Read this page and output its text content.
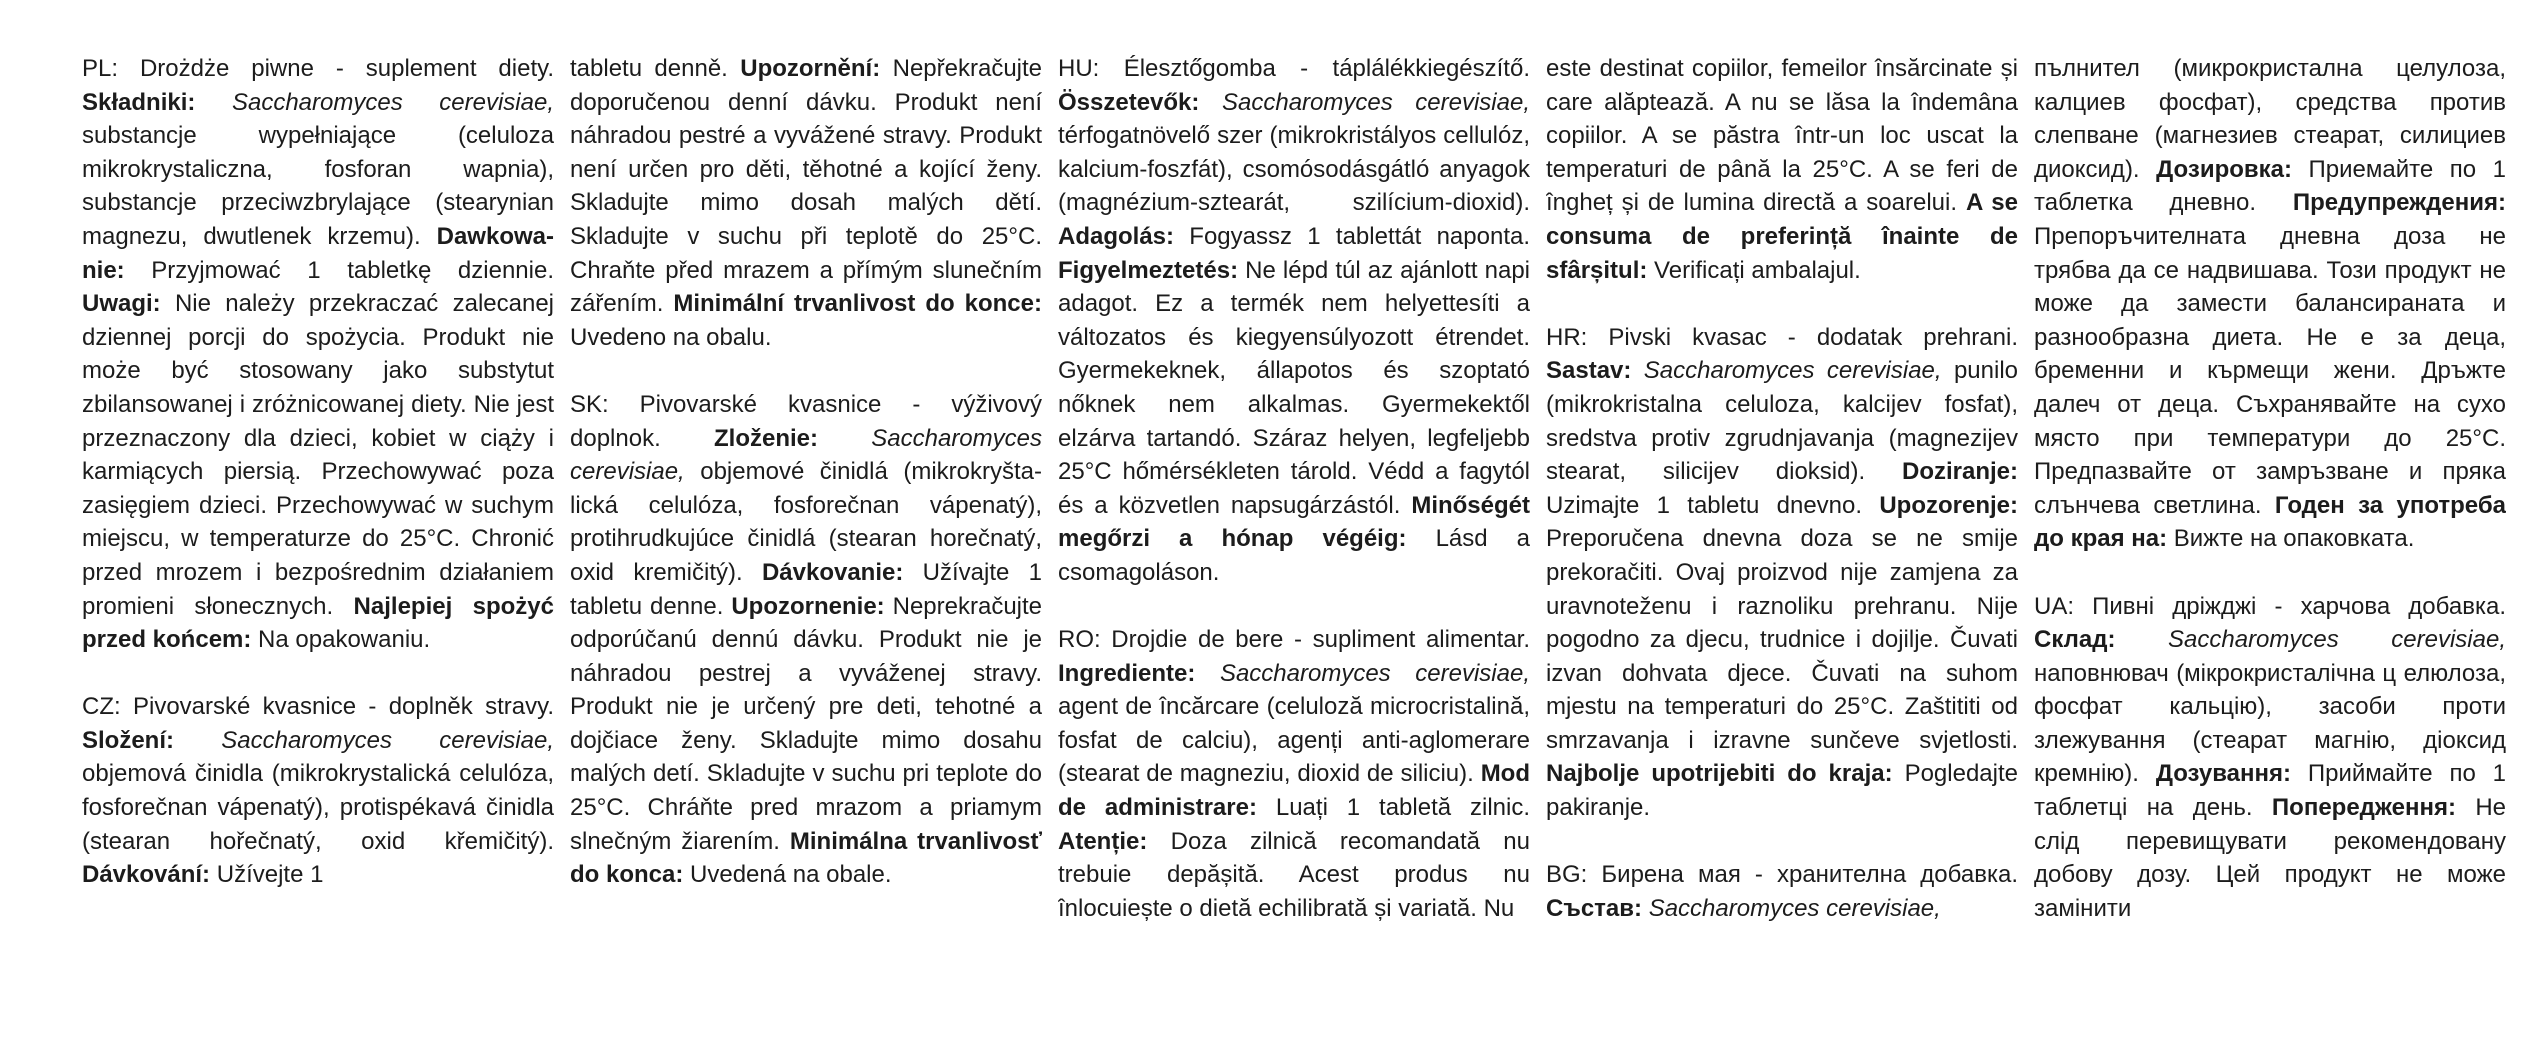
PL: Drożdże piwne - suplement diety. Składniki: Saccharomyces cerevisiae, substancje wypełniające (celuloza mikrokrystaliczna, fosforan wapnia), substancje przeciwzbrylające (stearynian magnezu, dwutlenek krzemu). Dawkowanie: Przyjmować 1 tabletkę dziennie. Uwagi: Nie należy przekraczać zalecanej dziennej porcji do spożycia. Produkt nie może być stosowany jako substytut zbilansowanej i zróżnicowanej diety. Nie jest przeznaczony dla dzieci, kobiet w ciąży i karmiących piersią. Przechowywać poza zasięgiem dzieci. Przechowywać w suchym miejscu, w temperaturze do 25°C. Chronić przed mrozem i bezpośrednim działaniem promieni słonecznych. Najlepiej spożyć przed końcem: Na opakowaniu.

CZ: Pivovarské kvasnice - doplněk stravy. Složení: Saccharomyces cerevisiae, objemová činidla (mikrokrystalická celulóza, fosforečnan vápenatý), protispékavá činidla (stearan hořečnatý, oxid křemičitý). Dávkování: Užívejte 1

tabletu denně. Upozornění: Nepřekračujte doporučenou denní dávku. Produkt není náhradou pestré a vyvážené stravy. Produkt není určen pro děti, těhotné a kojící ženy. Skladujte mimo dosah malých dětí. Skladujte v suchu při teplotě do 25°C. Chraňte před mrazem a přímým slunečním zářením. Minimální trvanlivost do konce: Uvedeno na obalu.

SK: Pivovarské kvasnice - výživový doplnok. Zloženie: Saccharomyces cerevisiae, objemové činidlá (mikrokryštalická celulóza, fosforečnan vápenatý), protihrudkujúce činidlá (stearan horečnatý, oxid kremičitý). Dávkovanie: Užívajte 1 tabletu denne. Upozornenie: Neprekračujte odporúčanú dennú dávku. Produkt nie je náhradou pestrej a vyváženej stravy. Produkt nie je určený pre deti, tehotné a dojčiace ženy. Skladujte mimo dosahu malých detí. Skladujte v suchu pri teplote do 25°C. Chráňte pred mrazom a priamym slnečným žiarením. Minimálna trvanlivosť do konca: Uvedená na obale.

HU: Élesztőgomba - táplálékkiegészítő. Összetevők: Saccharomyces cerevisiae, térfogatnövelő szer (mikrokristályos cellulóz, kalcium-foszfát), csomósodásgátló anyagok (magnézium-sztearát, szilícium-dioxid). Adagolás: Fogyassz 1 tablettát naponta. Figyelmeztetés: Ne lépd túl az ajánlott napi adagot. Ez a termék nem helyettesíti a változatos és kiegyensúlyozott étrendet. Gyermekeknek, állapotos és szoptató nőknek nem alkalmas. Gyermekektől elzárva tartandó. Száraz helyen, legfeljebb 25°C hőmérsékleten tárold. Védd a fagytól és a közvetlen napsugárzástól. Minőségét megőrzi a hónap végéig: Lásd a csomagoláson.

RO: Drojdie de bere - supliment alimentar. Ingrediente: Saccharomyces cerevisiae, agent de încărcare (celuloză microcristalină, fosfat de calciu), agenți anti-aglomerare (stearat de magneziu, dioxid de siliciu). Mod de administrare: Luați 1 tabletă zilnic. Atenție: Doza zilnică recomandată nu trebuie depășită. Acest produs nu înlocuiește o dietă echilibrată și variată. Nu

este destinat copiilor, femeilor însărcinate și care alăptează. A nu se lăsa la îndemâna copiilor. A se păstra într-un loc uscat la temperaturi de până la 25°C. A se feri de îngheț și de lumina directă a soarelui. A se consuma de preferință înainte de sfârșitul: Verificați ambalajul.

HR: Pivski kvasac - dodatak prehrani. Sastav: Saccharomyces cerevisiae, punilo (mikrokristalna celuloza, kalcijev fosfat), sredstva protiv zgrudnjavanja (magnezijev stearat, silicijev dioksid). Doziranje: Uzimajte 1 tabletu dnevno. Upozorenje: Preporučena dnevna doza se ne smije prekoračiti. Ovaj proizvod nije zamjena za uravnoteženu i raznoliku prehranu. Nije pogodno za djecu, trudnice i dojilje. Čuvati izvan dohvata djece. Čuvati na suhom mjestu na temperaturi do 25°C. Zaštititi od smrzavanja i izravne sunčeve svjetlosti. Najbolje upotrijebiti do kraja: Pogledajte pakiranje.

BG: Бирена мая - хранителна добавка. Състав: Saccharomyces cerevisiae,

пълнител (микрокристална целулоза, калциев фосфат), средства против слепване (магнезиев стеарат, силициев диоксид). Дозировка: Приемайте по 1 таблетка дневно. Предупреждения: Препоръчителната дневна доза не трябва да се надвишава. Този продукт не може да замести балансираната и разнообразна диета. Не е за деца, бременни и кърмещи жени. Дръжте далеч от деца. Съхранявайте на сухо място при температури до 25°C. Предпазвайте от замръзване и пряка слънчева светлина. Годен за употреба до края на: Вижте на опаковката.

UA: Пивні дріжджі - харчова добавка. Склад: Saccharomyces cerevisiae, наповнювач (мікрокристалічна ц елюлоза, фосфат кальцію), засоби проти злежування (стеарат магнію, діоксид кремнію). Дозування: Приймайте по 1 таблетці на день. Попередження: Не слід перевищувати рекомендовану добову дозу. Цей продукт не може замінити
